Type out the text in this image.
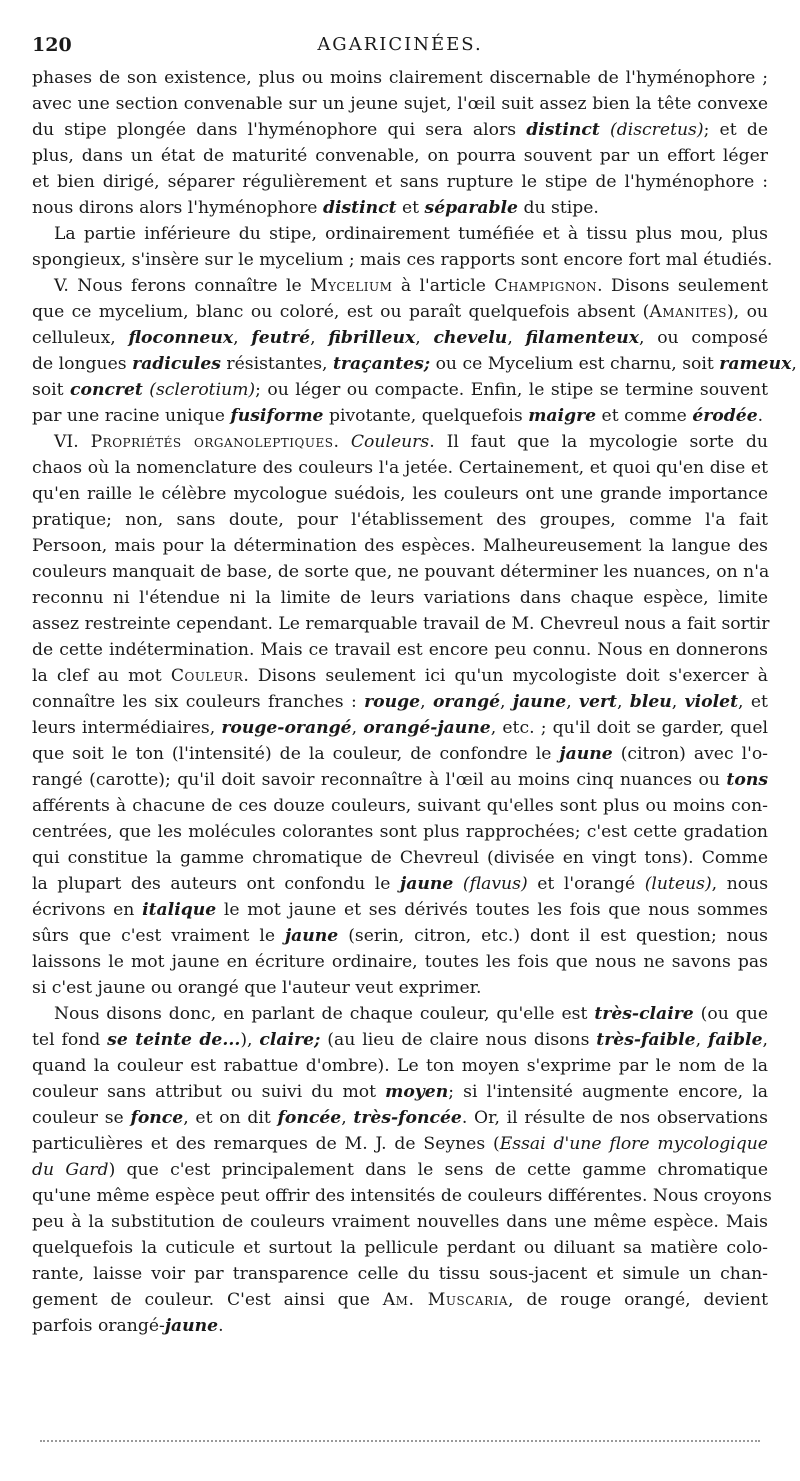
120	AGARICINÉES.
phases de son existence, plus ou moins clairement discernable de l'hyménophore ;
avec une section convenable sur un jeune sujet, l'œil suit assez bien la tête convexe
du stipe plongée dans l'hyménophore qui sera alors distinct (discretus); et de
plus, dans un état de maturité convenable, on pourra souvent par un effort léger
et bien dirigé, séparer régulièrement et sans rupture le stipe de l'hyménophore :
nous dirons alors l'hyménophore distinct et séparable du stipe.
La partie inférieure du stipe, ordinairement tuméfiée et à tissu plus mou, plus
spongieux, s'insère sur le mycelium ; mais ces rapports sont encore fort mal étudiés.
V. Nous ferons connaître le Mycelium à l'article Champignon. Disons seulement
que ce mycelium, blanc ou coloré, est ou paraît quelquefois absent (Amanites), ou
celluleux, floconneux, feutré, fibrilleux, chevelu, filamenteux, ou composé
de longues radicules résistantes, traçantes; ou ce Mycelium est charnu, soit rameux,
soit concret (sclerotium); ou léger ou compacte. Enfin, le stipe se termine souvent
par une racine unique fusiforme pivotante, quelquefois maigre et comme érodée.
VI. Propriétés organoleptiques. Couleurs. Il faut que la mycologie sorte du
chaos où la nomenclature des couleurs l'a jetée. Certainement, et quoi qu'en dise et
qu'en raille le célèbre mycologue suédois, les couleurs ont une grande importance
pratique; non, sans doute, pour l'établissement des groupes, comme l'a fait
Persoon, mais pour la détermination des espèces. Malheureusement la langue des
couleurs manquait de base, de sorte que, ne pouvant déterminer les nuances, on n'a
reconnu ni l'étendue ni la limite de leurs variations dans chaque espèce, limite
assez restreinte cependant. Le remarquable travail de M. Chevreul nous a fait sortir
de cette indétermination. Mais ce travail est encore peu connu. Nous en donnerons
la clef au mot Couleur. Disons seulement ici qu'un mycologiste doit s'exercer à
connaître les six couleurs franches : rouge, orangé, jaune, vert, bleu, violet, et
leurs intermédiaires, rouge-orangé, orangé-jaune, etc. ; qu'il doit se garder, quel
que soit le ton (l'intensité) de la couleur, de confondre le jaune (citron) avec l'o-
rangé (carotte); qu'il doit savoir reconnaître à l'œil au moins cinq nuances ou tons
afférents à chacune de ces douze couleurs, suivant qu'elles sont plus ou moins con-
centrées, que les molécules colorantes sont plus rapprochées; c'est cette gradation
qui constitue la gamme chromatique de Chevreul (divisée en vingt tons). Comme
la plupart des auteurs ont confondu le jaune (flavus) et l'orangé (luteus), nous
écrivons en italique le mot jaune et ses dérivés toutes les fois que nous sommes
sûrs que c'est vraiment le jaune (serin, citron, etc.) dont il est question; nous
laissons le mot jaune en écriture ordinaire, toutes les fois que nous ne savons pas
si c'est jaune ou orangé que l'auteur veut exprimer.
Nous disons donc, en parlant de chaque couleur, qu'elle est très-claire (ou que
tel fond se teinte de...), claire; (au lieu de claire nous disons très-faible, faible,
quand la couleur est rabattue d'ombre). Le ton moyen s'exprime par le nom de la
couleur sans attribut ou suivi du mot moyen; si l'intensité augmente encore, la
couleur se fonce, et on dit foncée, très-foncée. Or, il résulte de nos observations
particulières et des remarques de M. J. de Seynes (Essai d'une flore mycologique
du Gard) que c'est principalement dans le sens de cette gamme chromatique
qu'une même espèce peut offrir des intensités de couleurs différentes. Nous croyons
peu à la substitution de couleurs vraiment nouvelles dans une même espèce. Mais
quelquefois la cuticule et surtout la pellicule perdant ou diluant sa matière colo-
rante, laisse voir par transparence celle du tissu sous-jacent et simule un chan-
gement de couleur. C'est ainsi que Am. Muscaria, de rouge orangé, devient
parfois orangé-jaune.
